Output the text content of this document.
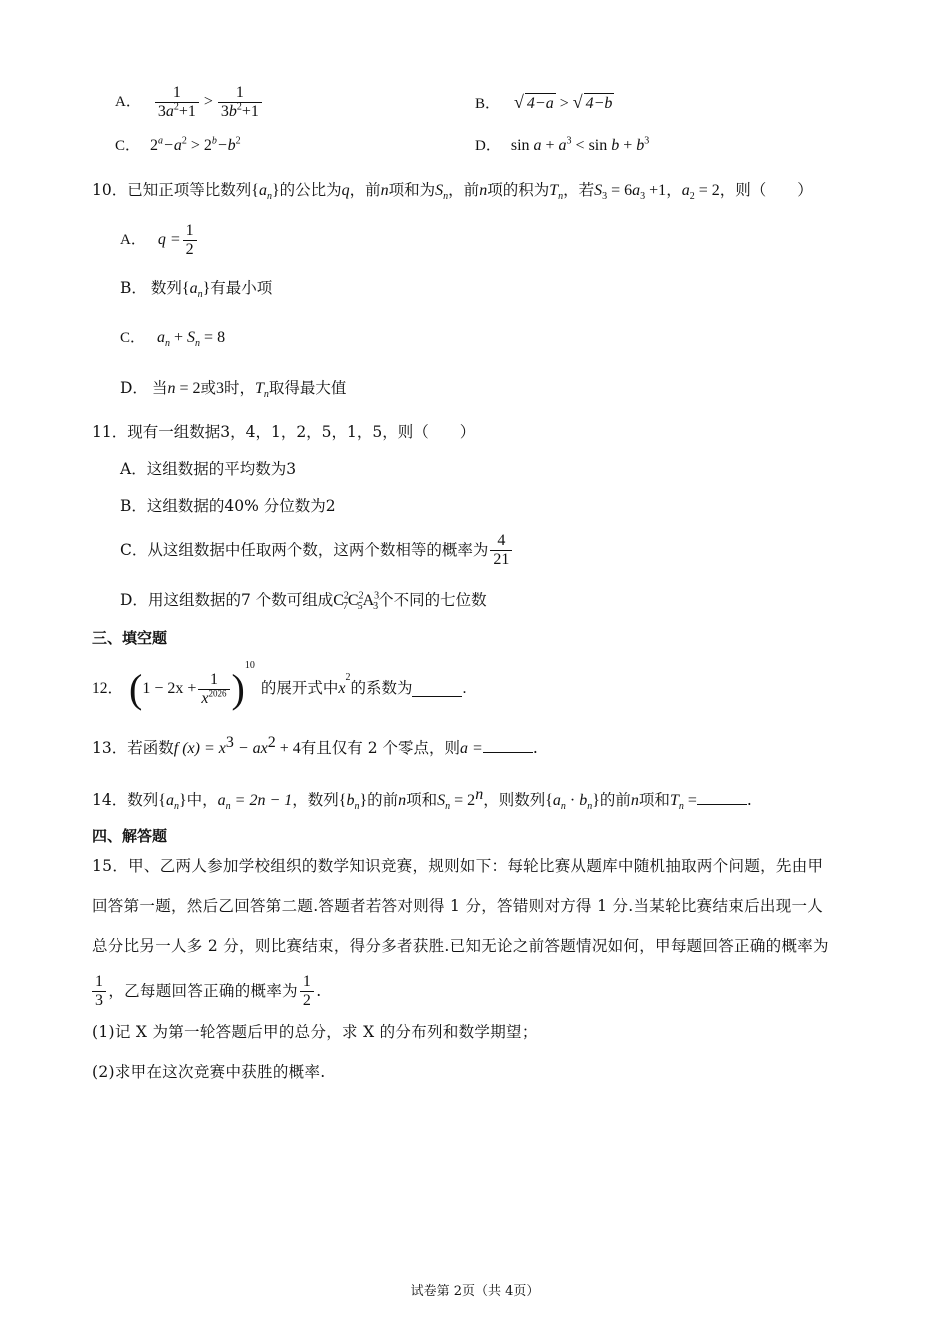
A． $\frac{1}{3a^2+1} > \frac{1}{3b^2+1}$	B． √ 4−a > √ 4−b
C． $2^a-a^2 > 2^b-b^2$	D． $\sin a + a^3 < \sin b + b^3$
10．已知正项等比数列$\{a_n\}$的公比为q，前n项和为$S_n$，前n项的积为$T_n$，若$S_3 = 6a_3 +1$，$a_2 = 2$，则（　　）
A． $q = \frac{1}{2}$
B． 数列$\{a_n\}$有最小项
C． $a_n + S_n = 8$
D． 当n = 2或3时，$T_n$取得最大值
11．现有一组数据3，4，1，2，5，1，5，则（　　）
A．这组数据的平均数为3
B．这组数据的40% 分位数为2
C． 从这组数据中任取两个数，这两个数相等的概率为 $\frac{4}{21}$
D．用这组数据的7 个数可组成$C^2_7C^2_5A^3_3$个不同的七位数
三、填空题
12． ( $1 - 2x + \frac{1}{x^{2026}}$ )
10
的展开式中 x
2
的系数为	.
13．若函数f $(x) = x^3 - ax^2 + 4$有且仅有 2 个零点，则a =	.
14．数列$\{a_n\}$中，$a_n = 2n - 1$，数列$\{b_n\}$的前n项和$S_n = 2^n$，则数列$\{a_n \cdot b_n\}$的前n项和$T_n$ =	.
四、解答题
15．甲、乙两人参加学校组织的数学知识竞赛，规则如下：每轮比赛从题库中随机抽取两个问题，先由甲
回答第一题，然后乙回答第二题.答题者若答对则得 1 分，答错则对方得 1 分.当某轮比赛结束后出现一人
总分比另一人多 2 分，则比赛结束，得分多者获胜.已知无论之前答题情况如何，甲每题回答正确的概率为
$\frac{1}{3}$ ，乙每题回答正确的概率为 $\frac{1}{2}$ .
(1)记 X 为第一轮答题后甲的总分，求 X 的分布列和数学期望；
(2)求甲在这次竞赛中获胜的概率.
试卷第 2页（共 4页）
